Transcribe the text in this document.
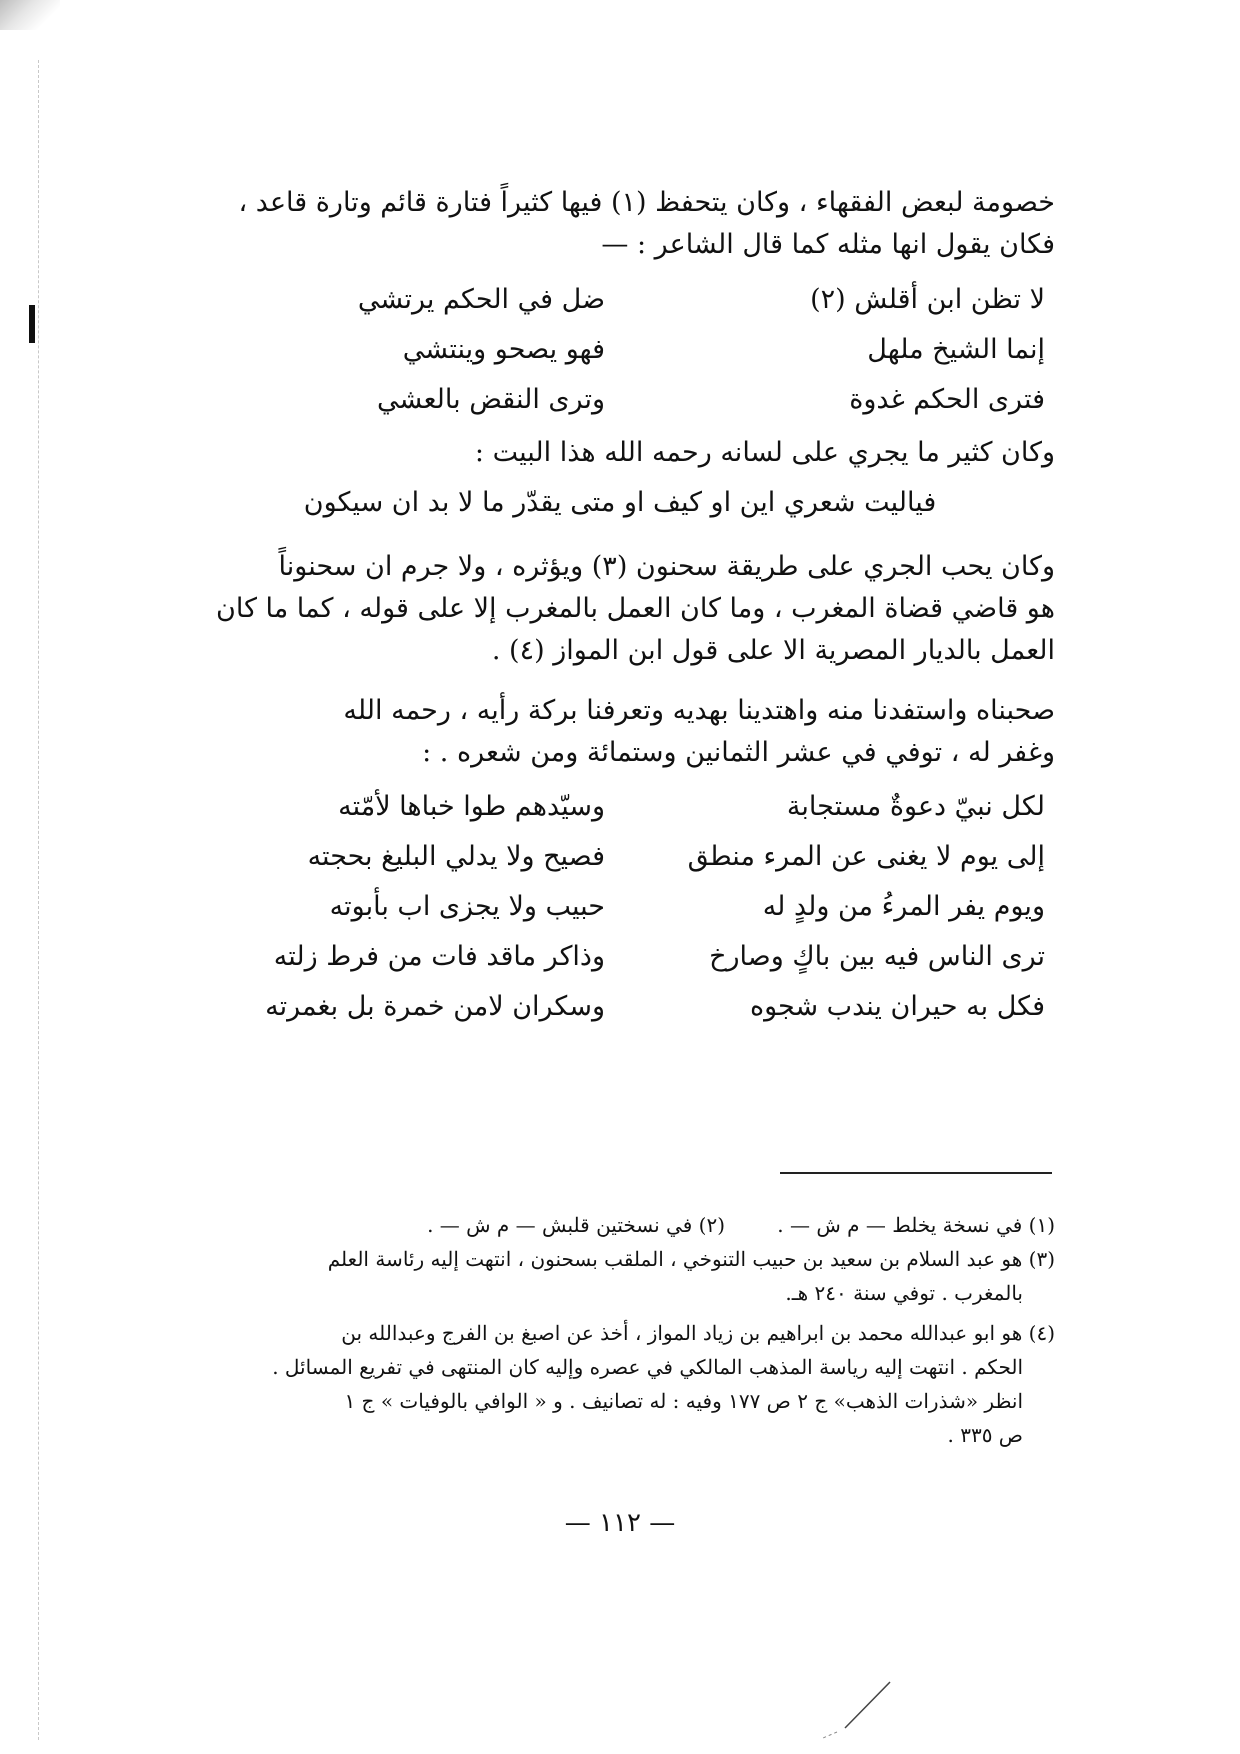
خصومة لبعض الفقهاء ، وكان يتحفظ (١) فيها كثيراً فتارة قائم وتارة قاعد ،

فكان يقول انها مثله كما قال الشاعر : —

لا تظن ابن أقلش (٢)
ضل في الحكم يرتشي
إنما الشيخ ملهل
فهو يصحو وينتشي
فترى الحكم غدوة
وترى النقض بالعشي

وكان كثير ما يجري على لسانه رحمه الله هذا البيت :

فياليت شعري اين او كيف او متى يقدّر ما لا بد ان سيكون

وكان يحب الجري على طريقة سحنون (٣) ويؤثره ، ولا جرم ان سحنوناً

هو قاضي قضاة المغرب ، وما كان العمل بالمغرب إلا على قوله ، كما ما كان

العمل بالديار المصرية الا على قول ابن المواز (٤) .

صحبناه واستفدنا منه واهتدينا بهديه وتعرفنا بركة رأيه ، رحمه الله

وغفر له ، توفي في عشر الثمانين وستمائة ومن شعره . :

لكل نبيّ دعوةٌ مستجابة
وسيّدهم طوا خباها لأمّته
إلى يوم لا يغنى عن المرء منطق
فصيح ولا يدلي البليغ بحجته
ويوم يفر المرءُ من ولدٍ له
حبيب ولا يجزى اب بأبوته
ترى الناس فيه بين باكٍ وصارخ
وذاكر ماقد فات من فرط زلته
فكل به حيران يندب شجوه
وسكران لامن خمرة بل بغمرته
(١) في نسخة يخلط — م ش — .
(٢) في نسختين قلبش — م ش — .

(٣) هو عبد السلام بن سعيد بن حبيب التنوخي ، الملقب بسحنون ، انتهت إليه رئاسة العلم

بالمغرب . توفي سنة ٢٤٠ هـ.

(٤) هو ابو عبدالله محمد بن ابراهيم بن زياد المواز ، أخذ عن اصبغ بن الفرج وعبدالله بن

الحكم . انتهت إليه رياسة المذهب المالكي في عصره وإليه كان المنتهى في تفريع المسائل .

انظر «شذرات الذهب» ج ٢ ص ١٧٧ وفيه : له تصانيف . و « الوافي بالوفيات » ج ١

ص ٣٣٥ .

— ١١٢ —
